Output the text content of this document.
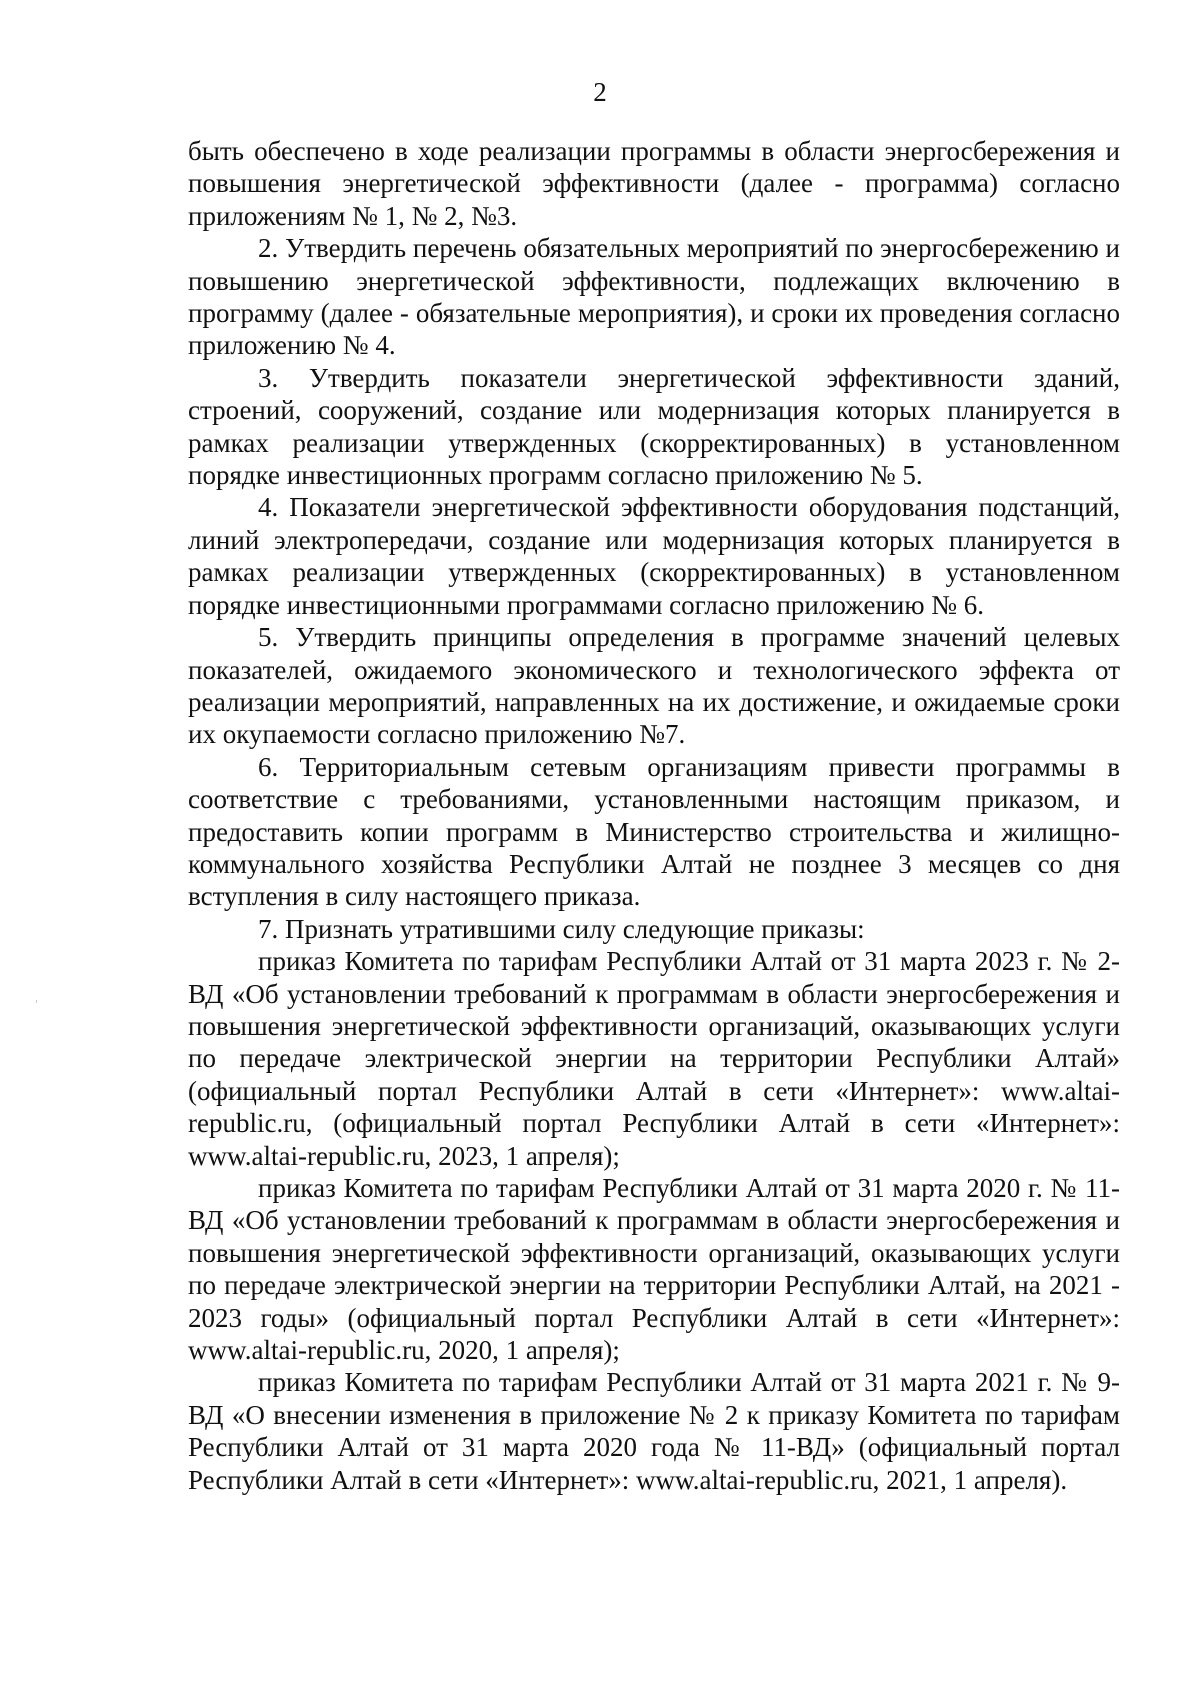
2

быть обеспечено в ходе реализации программы в области энергосбережения и повышения энергетической эффективности (далее - программа) согласно приложениям № 1, № 2, №3.

2. Утвердить перечень обязательных мероприятий по энергосбережению и повышению энергетической эффективности, подлежащих включению в программу (далее - обязательные мероприятия), и сроки их проведения согласно приложению № 4.

3. Утвердить показатели энергетической эффективности зданий, строений, сооружений, создание или модернизация которых планируется в рамках реализации утвержденных (скорректированных) в установленном порядке инвестиционных программ согласно приложению № 5.

4. Показатели энергетической эффективности оборудования подстанций, линий электропередачи, создание или модернизация которых планируется в рамках реализации утвержденных (скорректированных) в установленном порядке инвестиционными программами согласно приложению № 6.

5. Утвердить принципы определения в программе значений целевых показателей, ожидаемого экономического и технологического эффекта от реализации мероприятий, направленных на их достижение, и ожидаемые сроки их окупаемости согласно приложению №7.

6. Территориальным сетевым организациям привести программы в соответствие с требованиями, установленными настоящим приказом, и предоставить копии программ в Министерство строительства и жилищно-коммунального хозяйства Республики Алтай не позднее 3 месяцев со дня вступления в силу настоящего приказа.

7. Признать утратившими силу следующие приказы:

приказ Комитета по тарифам Республики Алтай от 31 марта 2023 г. № 2-ВД «Об установлении требований к программам в области энергосбережения и повышения энергетической эффективности организаций, оказывающих услуги по передаче электрической энергии на территории Республики Алтай» (официальный портал Республики Алтай в сети «Интернет»: www.altai-republic.ru, (официальный портал Республики Алтай в сети «Интернет»: www.altai-republic.ru, 2023, 1 апреля);

приказ Комитета по тарифам Республики Алтай от 31 марта 2020 г. № 11-ВД «Об установлении требований к программам в области энергосбережения и повышения энергетической эффективности организаций, оказывающих услуги по передаче электрической энергии на территории Республики Алтай, на 2021 - 2023 годы» (официальный портал Республики Алтай в сети «Интернет»: www.altai-republic.ru, 2020, 1 апреля);

приказ Комитета по тарифам Республики Алтай от 31 марта 2021 г. № 9-ВД «О внесении изменения в приложение № 2 к приказу Комитета по тарифам Республики Алтай от 31 марта 2020 года № 11-ВД» (официальный портал Республики Алтай в сети «Интернет»: www.altai-republic.ru, 2021, 1 апреля).
